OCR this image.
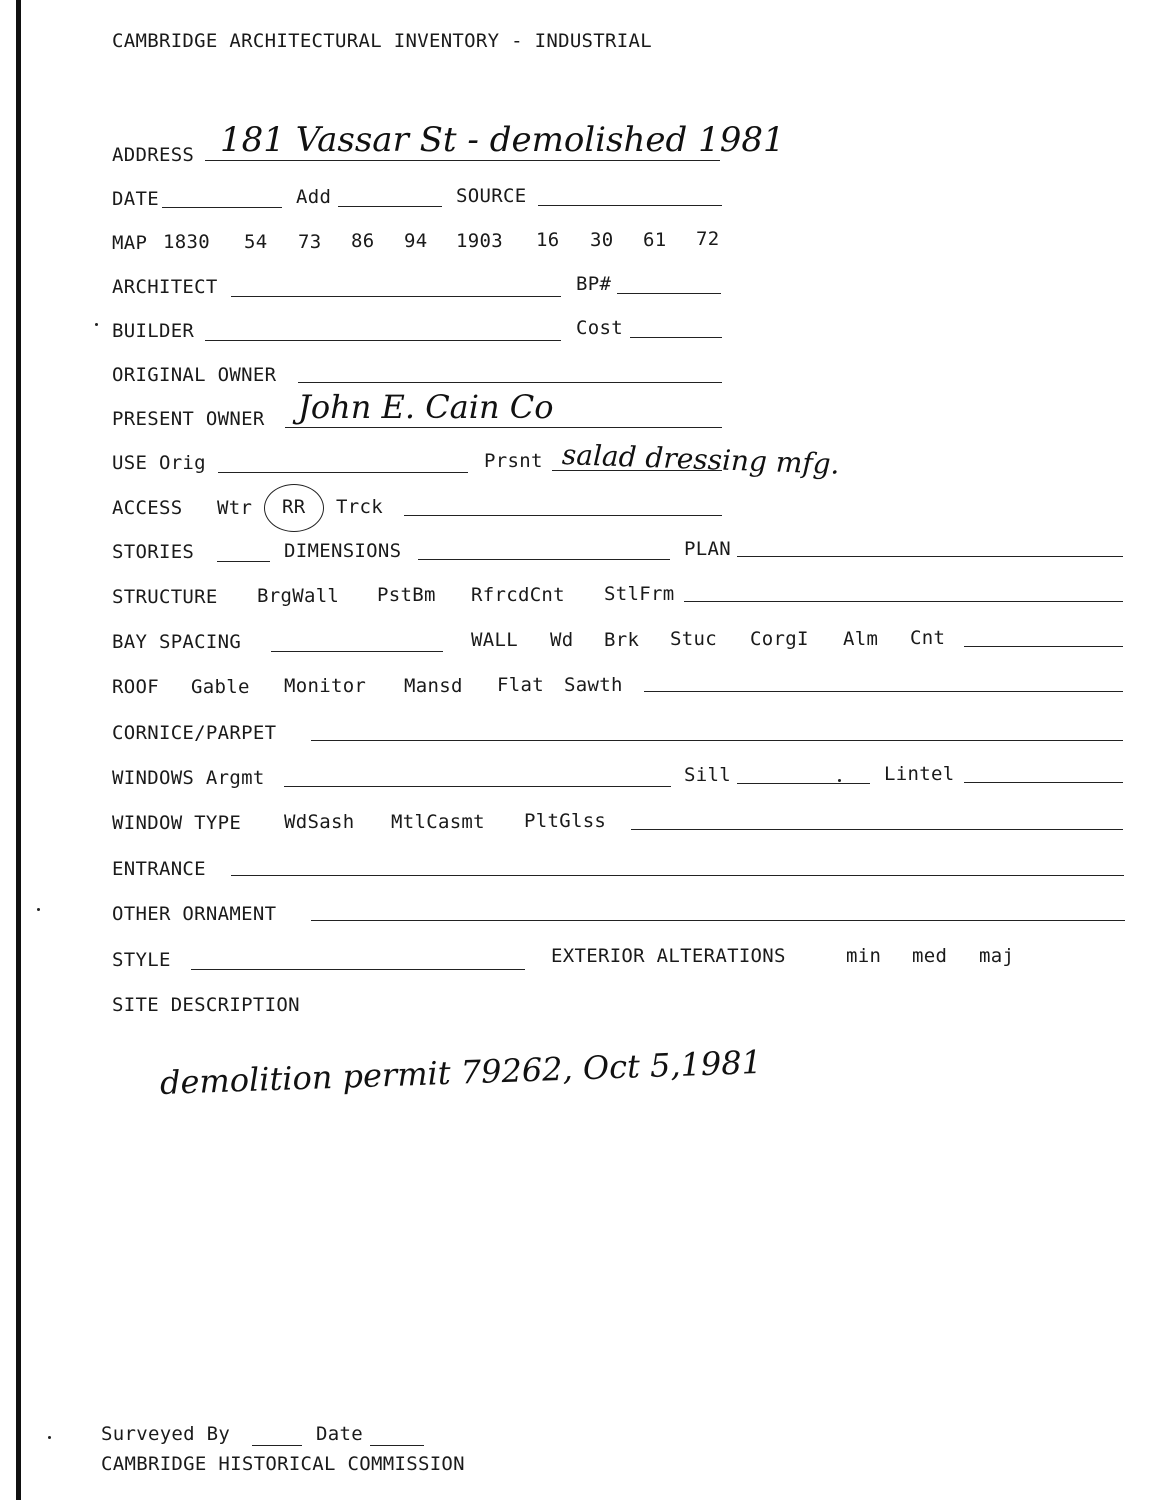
CAMBRIDGE ARCHITECTURAL INVENTORY - INDUSTRIAL
ADDRESS 181 Vassar St - demolished 1981
DATE	Add	SOURCE
MAP 1830 54 73 86 94 1903 16 30 61 72
ARCHITECT	BP#
BUILDER	Cost
ORIGINAL OWNER
PRESENT OWNER John E. Cain Co
USE Orig	Prsnt salad dressing mfg.
ACCESS Wtr RR Trck
STORIES	DIMENSIONS	PLAN
STRUCTURE BrgWall PstBm RfrcdCnt StlFrm
BAY SPACING	WALL Wd Brk Stuc CorgI Alm Cnt
ROOF Gable Monitor Mansd Flat Sawth
CORNICE/PARPET
WINDOWS Argmt	Sill	Lintel
WINDOW TYPE WdSash MtlCasmt PltGlss
ENTRANCE
OTHER ORNAMENT
STYLE	EXTERIOR ALTERATIONS	min med maj
SITE DESCRIPTION
demolition permit 79262, Oct 5,1981
Surveyed By	Date
CAMBRIDGE HISTORICAL COMMISSION
